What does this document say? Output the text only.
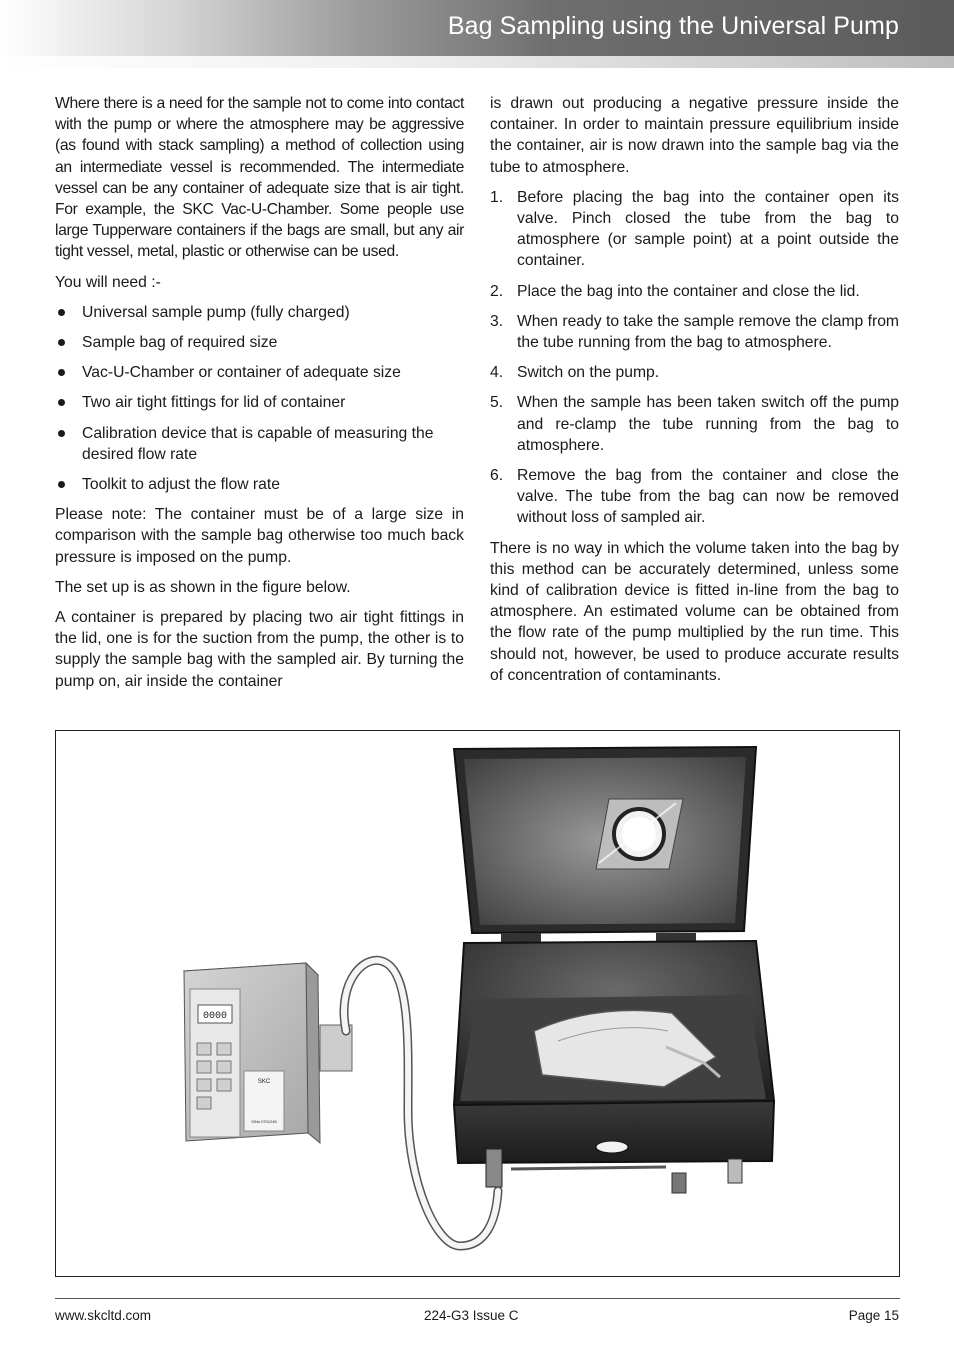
Bag Sampling using the Universal Pump

Where there is a need for the sample not to come into contact with the pump or where the atmosphere may be aggressive (as found with stack sampling) a method of collection using an intermediate vessel is recommended. The intermediate vessel can be any container of adequate size that is air tight. For example, the SKC Vac-U-Chamber. Some people use large Tupperware containers if the bags are small, but any air tight vessel, metal, plastic or otherwise can be used.

You will need :-

Universal sample pump (fully charged)
Sample bag of required size
Vac-U-Chamber or container of adequate size
Two air tight fittings for lid of container
Calibration device that is capable of measuring the desired flow rate
Toolkit to adjust the flow rate

Please note: The container must be of a large size in comparison with the sample bag otherwise too much back pressure is imposed on the pump.

The set up is as shown in the figure below.

A container is prepared by placing two air tight fittings in the lid, one is for the suction from the pump, the other is to supply the sample bag with the sampled air. By turning the pump on, air inside the container

is drawn out producing a negative pressure inside the container. In order to maintain pressure equilibrium inside the container, air is now drawn into the sample bag via the tube to atmosphere.

1. Before placing the bag into the container open its valve. Pinch closed the tube from the bag to atmosphere (or sample point) at a point outside the container.
2. Place the bag into the container and close the lid.
3. When ready to take the sample remove the clamp from the tube running from the bag to atmosphere.
4. Switch on the pump.
5. When the sample has been taken switch off the pump and re-clamp the tube running from the bag to atmosphere.
6. Remove the bag from the container and close the valve. The tube from the bag can now be removed without loss of sampled air.

There is no way in which the volume taken into the bag by this method can be accurately determined, unless some kind of calibration device is fitted in-line from the bag to atmosphere. An estimated volume can be obtained from the flow rate of the pump multiplied by the run time. This should not, however, be used to produce accurate results of concentration of contaminants.

0000
SKC
S/No 0701245
www.skcltd.com	224-G3 Issue C	Page 15
